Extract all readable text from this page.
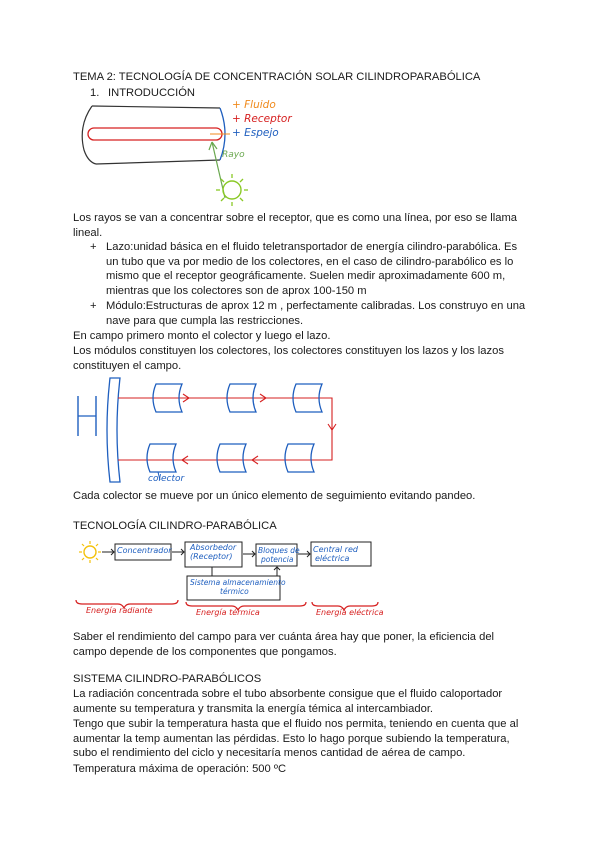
TEMA 2: TECNOLOGÍA DE CONCENTRACIÓN SOLAR CILINDROPARABÓLICA

1. INTRODUCCIÓN

+ Fluido
+ Receptor
+ Espejo
Rayo

Los rayos se van a concentrar sobre el receptor, que es como una línea, por eso se llama lineal.

+ Lazo:unidad básica en el fluido teletransportador de energía cilindro-parabólica. Es un tubo que va por medio de los colectores, en el caso de cilindro-parabólico es lo mismo que el receptor geográficamente. Suelen medir aproximadamente 600 m, mientras que los colectores son de aprox 100-150 m

+ Módulo:Estructuras de aprox 12 m , perfectamente calibradas. Los construyo en una nave para que cumpla las restricciones.

En campo primero monto el colector y luego el lazo.

Los módulos constituyen los colectores, los colectores constituyen los lazos y los lazos constituyen el campo.

colector

Cada colector se mueve por un único elemento de seguimiento evitando pandeo.

TECNOLOGÍA CILINDRO-PARABÓLICA

Concentrador Absorbedor
(Receptor)
Bloques de
potencia
Central red
eléctrica
Sistema almacenamiento
térmico
Energía radiante	Energía térmica	Energía eléctrica

Saber el rendimiento del campo para ver cuánta área hay que poner, la eficiencia del campo depende de los componentes que pongamos.

SISTEMA CILINDRO-PARABÓLICOS

La radiación concentrada sobre el tubo absorbente consigue que el fluido caloportador aumente su temperatura y transmita la energía témica al intercambiador.

Tengo que subir la temperatura hasta que el fluido nos permita, teniendo en cuenta que al aumentar la temp aumentan las pérdidas. Esto lo hago porque subiendo la temperatura, subo el rendimiento del ciclo y necesitaría menos cantidad de aérea de campo.

Temperatura máxima de operación: 500 ºC
